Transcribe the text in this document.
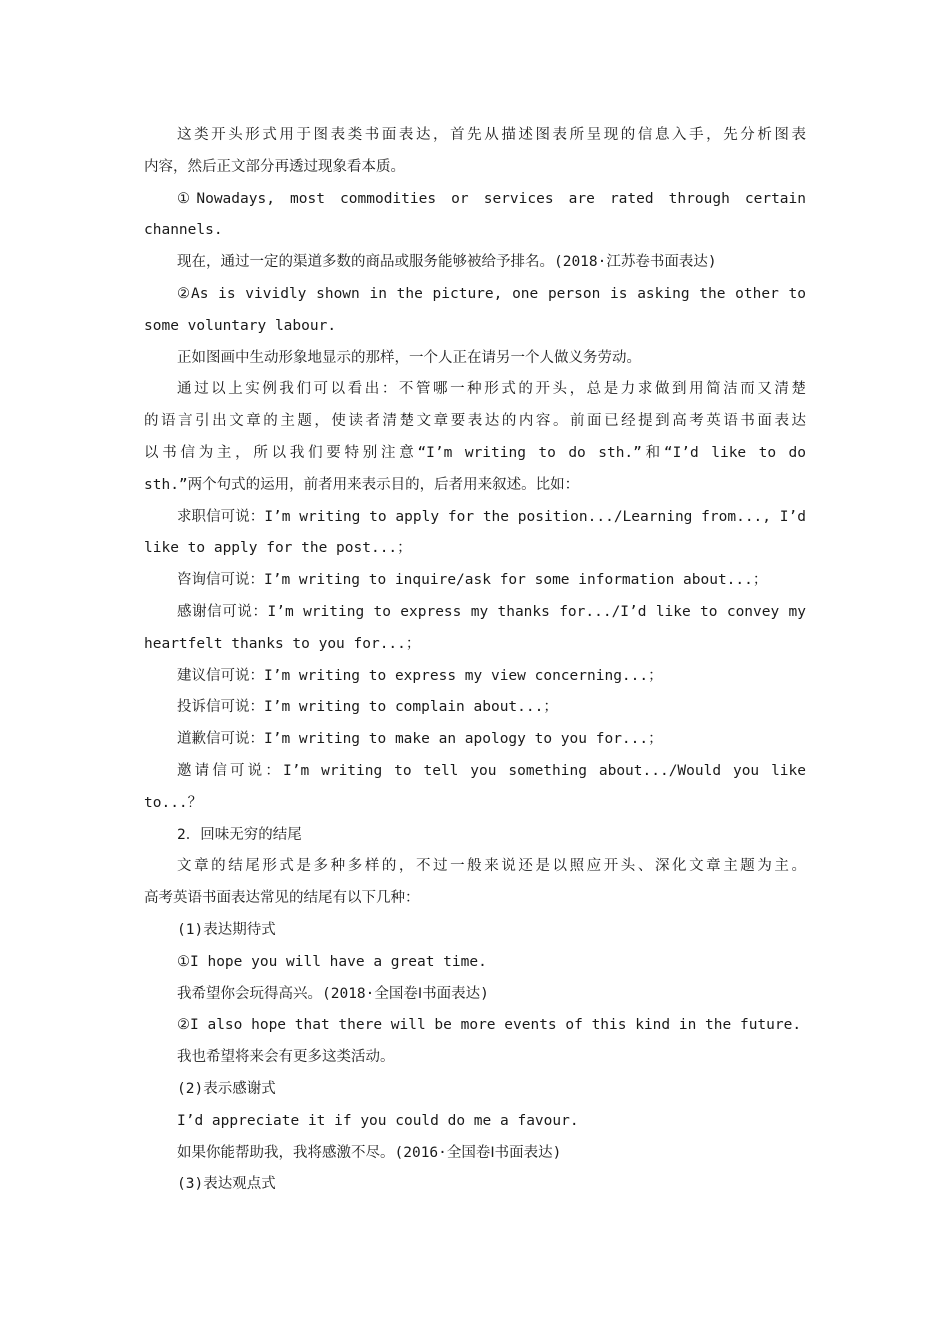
这类开头形式用于图表类书面表达，首先从描述图表所呈现的信息入手，先分析图表
内容，然后正文部分再透过现象看本质。
①Nowadays, most commodities or services are rated through certain
channels.
现在，通过一定的渠道多数的商品或服务能够被给予排名。(2018·江苏卷书面表达)
②As is vividly shown in the picture, one person is asking the other to
some voluntary labour.
正如图画中生动形象地显示的那样，一个人正在请另一个人做义务劳动。
通过以上实例我们可以看出：不管哪一种形式的开头，总是力求做到用简洁而又清楚
的语言引出文章的主题，使读者清楚文章要表达的内容。前面已经提到高考英语书面表达
以书信为主，所以我们要特别注意“I’m writing to do sth.”和“I’d like to do
sth.”两个句式的运用，前者用来表示目的，后者用来叙述。比如：
求职信可说：I’m writing to apply for the position.../Learning from..., I’d
like to apply for the post...；
咨询信可说：I’m writing to inquire/ask for some information about...；
感谢信可说：I’m writing to express my thanks for.../I’d like to convey my
heartfelt thanks to you for...；
建议信可说：I’m writing to express my view concerning...；
投诉信可说：I’m writing to complain about...；
道歉信可说：I’m writing to make an apology to you for...；
邀请信可说：I’m writing to tell you something about.../Would you like
to...？
2．回味无穷的结尾
文章的结尾形式是多种多样的，不过一般来说还是以照应开头、深化文章主题为主。
高考英语书面表达常见的结尾有以下几种：
(1)表达期待式
①I hope you will have a great time.
我希望你会玩得高兴。(2018·全国卷Ⅰ书面表达)
②I also hope that there will be more events of this kind in the future.
我也希望将来会有更多这类活动。
(2)表示感谢式
I’d appreciate it if you could do me a favour.
如果你能帮助我，我将感激不尽。(2016·全国卷Ⅰ书面表达)
(3)表达观点式
